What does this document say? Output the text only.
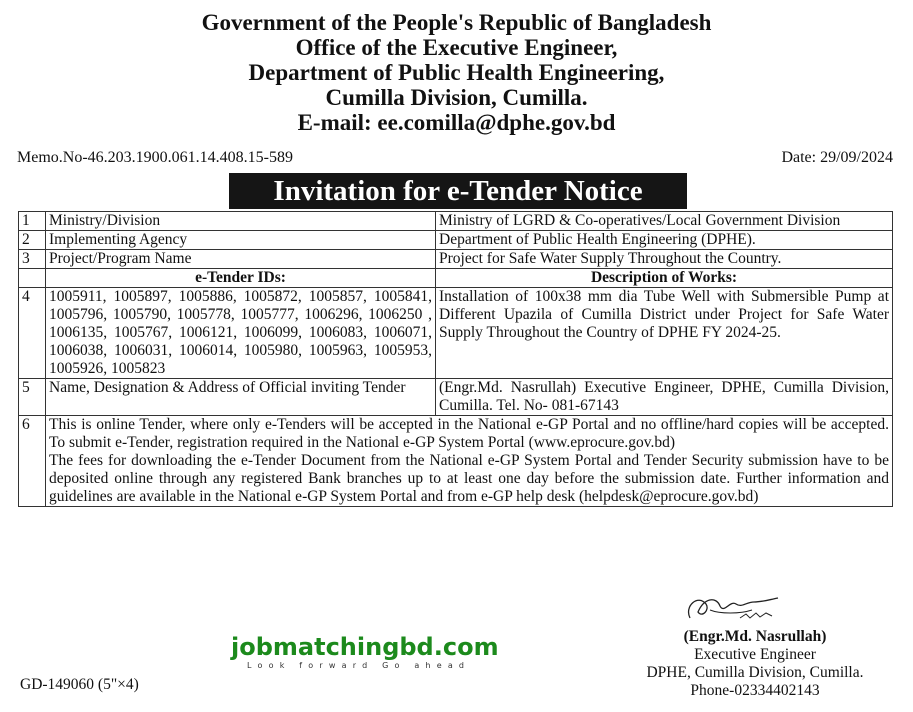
Government of the People's Republic of Bangladesh
Office of the Executive Engineer,
Department of Public Health Engineering,
Cumilla Division, Cumilla.
E-mail: ee.comilla@dphe.gov.bd
Memo.No-46.203.1900.061.14.408.15-589	Date: 29/09/2024
Invitation for e-Tender Notice
1	Ministry/Division	Ministry of LGRD & Co-operatives/Local Government Division
2	Implementing Agency	Department of Public Health Engineering (DPHE).
3	Project/Program Name	Project for Safe Water Supply Throughout the Country.
	e-Tender IDs:	Description of Works:
4	1005911, 1005897, 1005886, 1005872, 1005857, 1005841, 1005796, 1005790, 1005778, 1005777, 1006296, 1006250 , 1006135, 1005767, 1006121, 1006099, 1006083, 1006071, 1006038, 1006031, 1006014, 1005980, 1005963, 1005953, 1005926, 1005823	Installation of 100x38 mm dia Tube Well with Submersible Pump at Different Upazila of Cumilla District under Project for Safe Water Supply Throughout the Country of DPHE FY 2024-25.
5	Name, Designation & Address of Official inviting Tender	(Engr.Md. Nasrullah) Executive Engineer, DPHE, Cumilla Division, Cumilla. Tel. No- 081-67143
6	This is online Tender, where only e-Tenders will be accepted in the National e-GP Portal and no offline/hard copies will be accepted. To submit e-Tender, registration required in the National e-GP System Portal (www.eprocure.gov.bd)
The fees for downloading the e-Tender Document from the National e-GP System Portal and Tender Security submission have to be deposited online through any registered Bank branches up to at least one day before the submission date. Further information and guidelines are available in the National e-GP System Portal and from e-GP help desk (helpdesk@eprocure.gov.bd)	
(Engr.Md. Nasrullah)
Executive Engineer
DPHE, Cumilla Division, Cumilla.
Phone-02334402143
jobmatchingbd.com
Look forward Go ahead
GD-149060 (5"×4)
